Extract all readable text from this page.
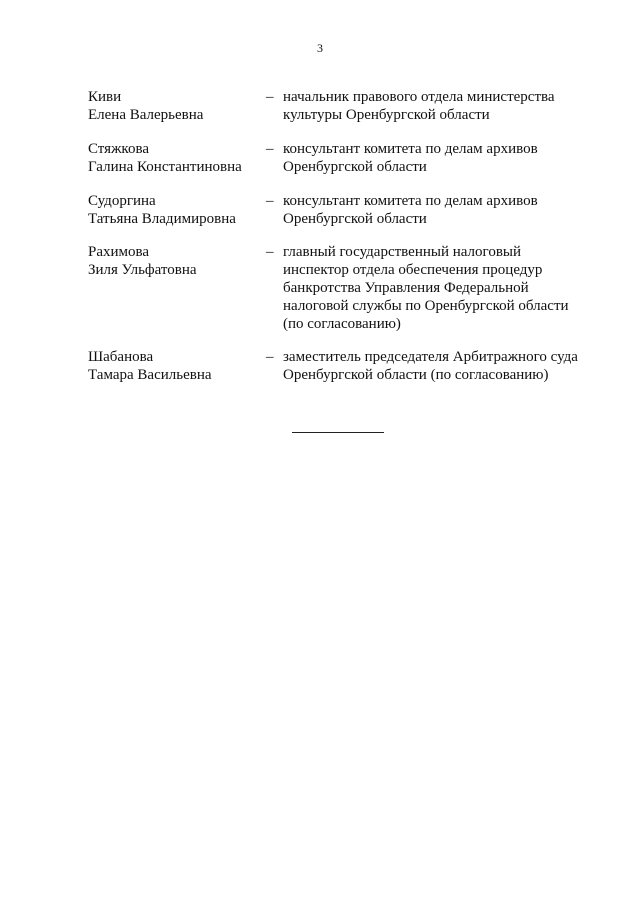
3
Киви
Елена Валерьевна
– начальник правового отдела министерства
культуры Оренбургской области
Стяжкова
Галина Константиновна
– консультант комитета по делам архивов
Оренбургской области
Судоргина
Татьяна Владимировна
– консультант комитета по делам архивов
Оренбургской области
Рахимова
Зиля Ульфатовна
– главный государственный налоговый
инспектор отдела обеспечения процедур
банкротства Управления Федеральной
налоговой службы по Оренбургской области
(по согласованию)
Шабанова
Тамара Васильевна
– заместитель председателя Арбитражного суда
Оренбургской области (по согласованию)
